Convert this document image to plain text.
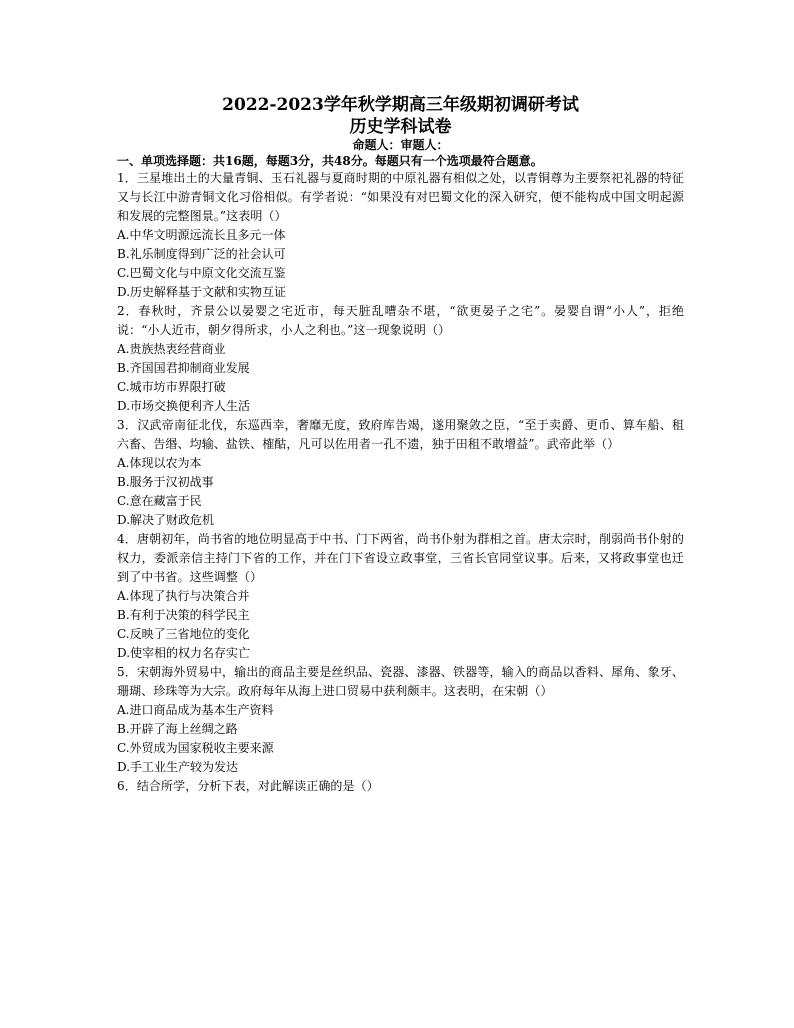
2022-2023学年秋学期高三年级期初调研考试

历史学科试卷

命题人：审题人：

一、单项选择题：共16题，每题3分，共48分。每题只有一个选项最符合题意。

1．三星堆出土的大量青铜、玉石礼器与夏商时期的中原礼器有相似之处，以青铜尊为主要祭祀礼器的特征又与长江中游青铜文化习俗相似。有学者说：“如果没有对巴蜀文化的深入研究，便不能构成中国文明起源和发展的完整图景。”这表明（）

A.中华文明源远流长且多元一体

B.礼乐制度得到广泛的社会认可

C.巴蜀文化与中原文化交流互鉴

D.历史解释基于文献和实物互证

2．春秋时，齐景公以晏婴之宅近市，每天脏乱嘈杂不堪，“欲更晏子之宅”。晏婴自谓“小人”，拒绝说：“小人近市，朝夕得所求，小人之利也。”这一现象说明（）

A.贵族热衷经营商业

B.齐国国君抑制商业发展

C.城市坊市界限打破

D.市场交换便利齐人生活

3．汉武帝南征北伐，东巡西幸，奢靡无度，致府库告竭，遂用聚敛之臣，“至于卖爵、更币、算车船、租六畜、告缗、均输、盐铁、榷酤，凡可以佐用者一孔不遗，独于田租不敢增益”。武帝此举（）

A.体现以农为本

B.服务于汉初战事

C.意在藏富于民

D.解决了财政危机

4．唐朝初年，尚书省的地位明显高于中书、门下两省，尚书仆射为群相之首。唐太宗时，削弱尚书仆射的权力，委派亲信主持门下省的工作，并在门下省设立政事堂，三省长官同堂议事。后来，又将政事堂也迁到了中书省。这些调整（）

A.体现了执行与决策合并

B.有利于决策的科学民主

C.反映了三省地位的变化

D.使宰相的权力名存实亡

5．宋朝海外贸易中，输出的商品主要是丝织品、瓷器、漆器、铁器等，输入的商品以香料、犀角、象牙、珊瑚、珍珠等为大宗。政府每年从海上进口贸易中获利颇丰。这表明，在宋朝（）

A.进口商品成为基本生产资料

B.开辟了海上丝绸之路

C.外贸成为国家税收主要来源

D.手工业生产较为发达

6．结合所学，分析下表，对此解读正确的是（）
